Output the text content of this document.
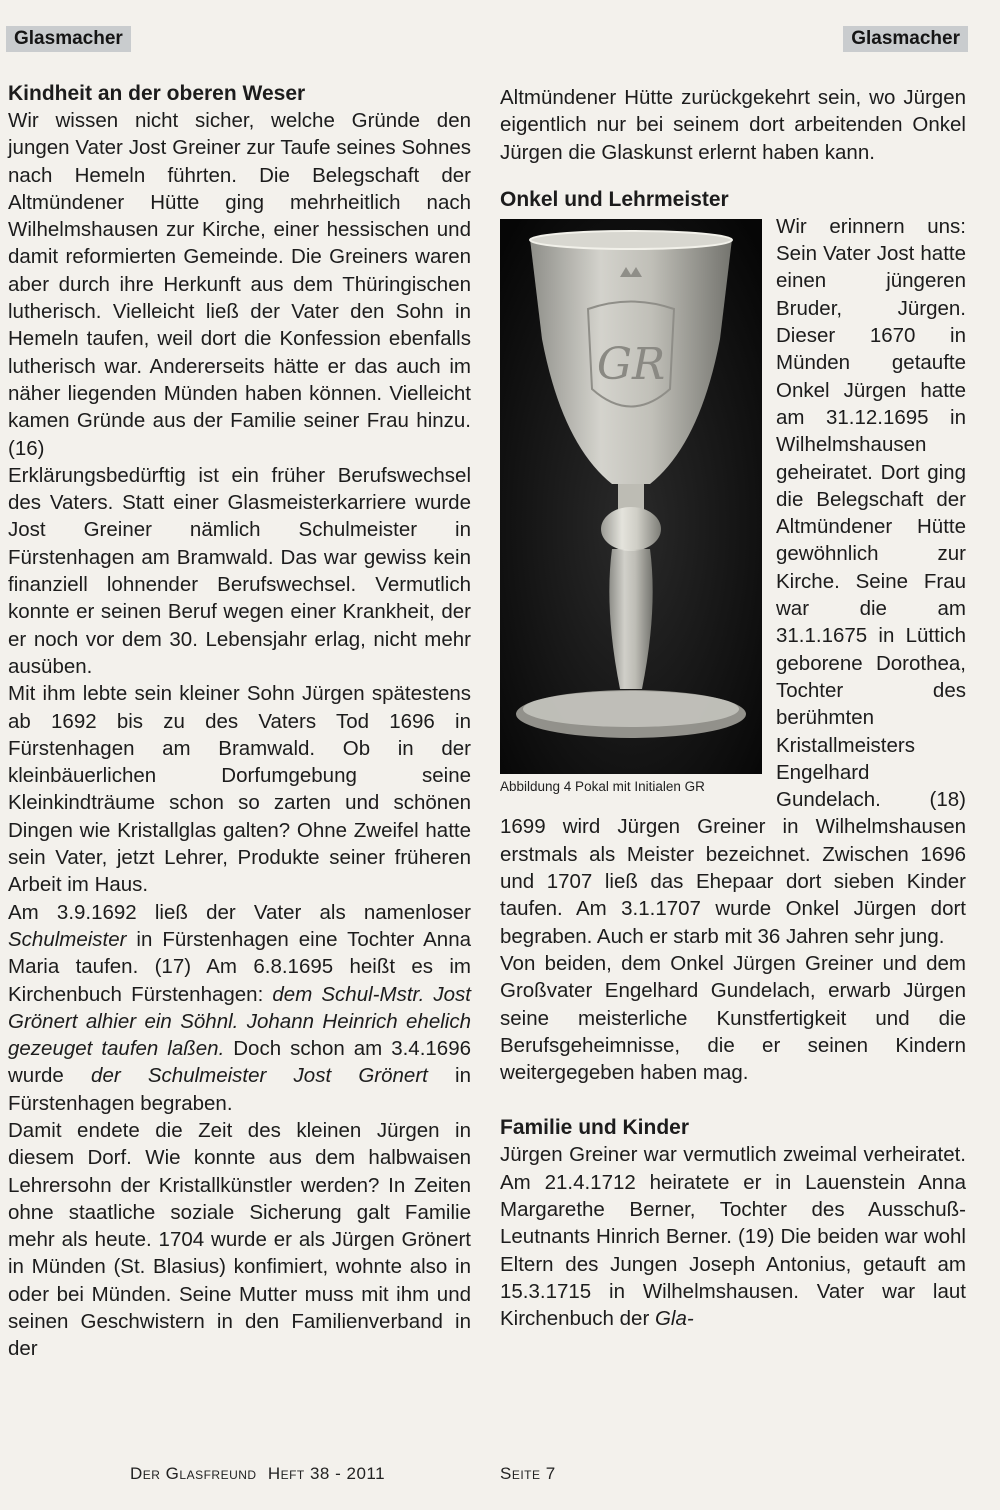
Glasmacher	Glasmacher
Kindheit an der oberen Weser

Wir wissen nicht sicher, welche Gründe den jungen Vater Jost Greiner zur Taufe seines Sohnes nach Hemeln führten. Die Belegschaft der Altmündener Hütte ging mehrheitlich nach Wilhelmshausen zur Kirche, einer hessischen und damit reformierten Gemeinde. Die Greiners waren aber durch ihre Herkunft aus dem Thüringischen lutherisch. Vielleicht ließ der Vater den Sohn in Hemeln taufen, weil dort die Konfession ebenfalls lutherisch war. Andererseits hätte er das auch im näher liegenden Münden haben können. Vielleicht kamen Gründe aus der Familie seiner Frau hinzu. (16)

Erklärungsbedürftig ist ein früher Berufswechsel des Vaters. Statt einer Glasmeisterkarriere wurde Jost Greiner nämlich Schulmeister in Fürstenhagen am Bramwald. Das war gewiss kein finanziell lohnender Berufswechsel. Vermutlich konnte er seinen Beruf wegen einer Krankheit, der er noch vor dem 30. Lebensjahr erlag, nicht mehr ausüben.

Mit ihm lebte sein kleiner Sohn Jürgen spätestens ab 1692 bis zu des Vaters Tod 1696 in Fürstenhagen am Bramwald. Ob in der kleinbäuerlichen Dorfumgebung seine Kleinkindträume schon so zarten und schönen Dingen wie Kristallglas galten? Ohne Zweifel hatte sein Vater, jetzt Lehrer, Produkte seiner früheren Arbeit im Haus.

Am 3.9.1692 ließ der Vater als namenloser Schulmeister in Fürstenhagen eine Tochter Anna Maria taufen. (17) Am 6.8.1695 heißt es im Kirchenbuch Fürstenhagen: dem Schul-Mstr. Jost Grönert alhier ein Söhnl. Johann Heinrich ehelich gezeuget taufen laßen. Doch schon am 3.4.1696 wurde der Schulmeister Jost Grönert in Fürstenhagen begraben.

Damit endete die Zeit des kleinen Jürgen in diesem Dorf. Wie konnte aus dem halbwaisen Lehrersohn der Kristallkünstler werden? In Zeiten ohne staatliche soziale Sicherung galt Familie mehr als heute. 1704 wurde er als Jürgen Grönert in Münden (St. Blasius) konfimiert, wohnte also in oder bei Münden. Seine Mutter muss mit ihm und seinen Geschwistern in den Familienverband in der

Altmündener Hütte zurückgekehrt sein, wo Jürgen eigentlich nur bei seinem dort arbeitenden Onkel Jürgen die Glaskunst erlernt haben kann.

Onkel und Lehrmeister
GR
Abbildung 4 Pokal mit Initialen GR

Wir erinnern uns: Sein Vater Jost hatte einen jüngeren Bruder, Jürgen. Dieser 1670 in Münden getaufte Onkel Jürgen hatte am 31.12.1695 in Wilhelmshausen geheiratet. Dort ging die Belegschaft der Altmündener Hütte gewöhnlich zur Kirche. Seine Frau war die am 31.1.1675 in Lüttich geborene Dorothea, Tochter des berühmten Kristallmeisters Engelhard Gundelach. (18) 1699 wird Jürgen Greiner in Wilhelmshausen erstmals als Meister bezeichnet. Zwischen 1696 und 1707 ließ das Ehepaar dort sieben Kinder taufen. Am 3.1.1707 wurde Onkel Jürgen dort begraben. Auch er starb mit 36 Jahren sehr jung.

Von beiden, dem Onkel Jürgen Greiner und dem Großvater Engelhard Gundelach, erwarb Jürgen seine meisterliche Kunstfertigkeit und die Berufsgeheimnisse, die er seinen Kindern weitergegeben haben mag.

Familie und Kinder

Jürgen Greiner war vermutlich zweimal verheiratet. Am 21.4.1712 heiratete er in Lauenstein Anna Margarethe Berner, Tochter des Ausschuß-Leutnants Hinrich Berner. (19) Die beiden war wohl Eltern des Jungen Joseph Antonius, getauft am 15.3.1715 in Wilhelmshausen. Vater war laut Kirchenbuch der Gla-

Der Glasfreund Heft 38 - 2011	Seite 7
